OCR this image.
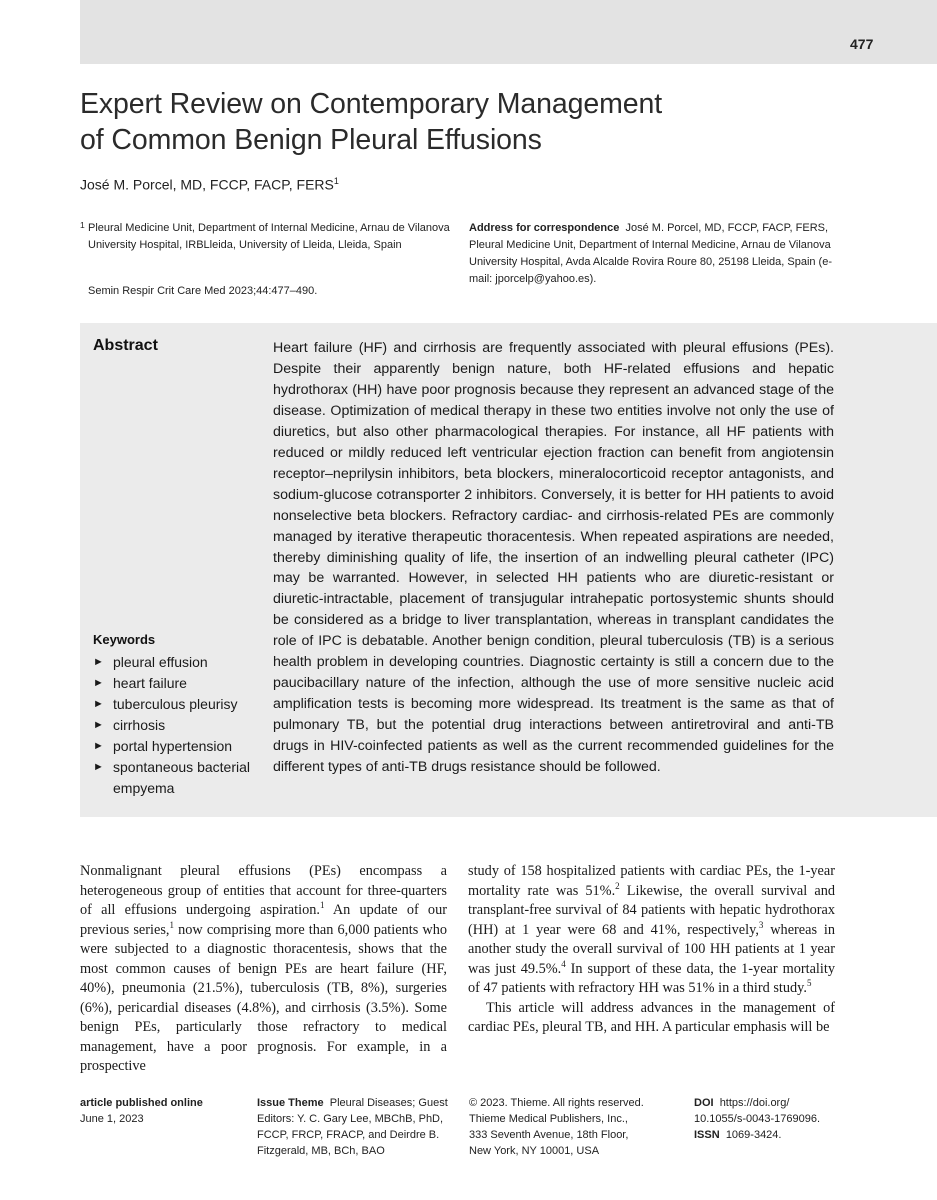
477
Expert Review on Contemporary Management
of Common Benign Pleural Effusions
José M. Porcel, MD, FCCP, FACP, FERS$^1$
1 Pleural Medicine Unit, Department of Internal Medicine, Arnau de Vilanova University Hospital, IRBLleida, University of Lleida, Lleida, Spain
Semin Respir Crit Care Med 2023;44:477–490.
Address for correspondence José M. Porcel, MD, FCCP, FACP, FERS, Pleural Medicine Unit, Department of Internal Medicine, Arnau de Vilanova University Hospital, Avda Alcalde Rovira Roure 80, 25198 Lleida, Spain (e-mail: jporcelp@yahoo.es).
Abstract	Heart failure (HF) and cirrhosis are frequently associated with pleural effusions (PEs). Despite their apparently benign nature, both HF-related effusions and hepatic hydrothorax (HH) have poor prognosis because they represent an advanced stage of the disease. Optimization of medical therapy in these two entities involve not only the use of diuretics, but also other pharmacological therapies. For instance, all HF patients with reduced or mildly reduced left ventricular ejection fraction can benefit from angiotensin receptor–neprilysin inhibitors, beta blockers, mineralocorticoid receptor antagonists, and sodium-glucose cotransporter 2 inhibitors. Conversely, it is better for HH patients to avoid nonselective beta blockers. Refractory cardiac- and cirrhosis-related PEs are commonly managed by iterative therapeutic thoracentesis. When repeated aspirations are needed, thereby diminishing quality of life, the insertion of an indwelling pleural catheter (IPC) may be warranted. However, in selected HH patients who are diuretic-resistant or diuretic-intractable, placement of transjugular intrahepatic portosystemic shunts should be considered as a bridge to liver transplantation, whereas in transplant candidates the role of IPC is debatable. Another benign condition, pleural tuberculosis (TB) is a serious health problem in developing countries. Diagnostic certainty is still a concern due to the paucibacillary nature of the infection, although the use of more sensitive nucleic acid amplification tests is becoming more widespread. Its treatment is the same as that of pulmonary TB, but the potential drug interactions between antiretroviral and anti-TB drugs in HIV-coinfected patients as well as the current recommended guidelines for the different types of anti-TB drugs resistance should be followed.

Keywords
► pleural effusion
► heart failure
► tuberculous pleurisy
► cirrhosis
► portal hypertension
► spontaneous bacterial empyema

Nonmalignant pleural effusions (PEs) encompass a heterogeneous group of entities that account for three-quarters of all effusions undergoing aspiration.$^1$ An update of our previous series,$^1$ now comprising more than 6,000 patients who were subjected to a diagnostic thoracentesis, shows that the most common causes of benign PEs are heart failure (HF, 40%), pneumonia (21.5%), tuberculosis (TB, 8%), surgeries (6%), pericardial diseases (4.8%), and cirrhosis (3.5%). Some benign PEs, particularly those refractory to medical management, have a poor prognosis. For example, in a prospective

study of 158 hospitalized patients with cardiac PEs, the 1-year mortality rate was 51%.$^2$ Likewise, the overall survival and transplant-free survival of 84 patients with hepatic hydrothorax (HH) at 1 year were 68 and 41%, respectively,$^3$ whereas in another study the overall survival of 100 HH patients at 1 year was just 49.5%.$^4$ In support of these data, the 1-year mortality of 47 patients with refractory HH was 51% in a third study.$^5$
This article will address advances in the management of cardiac PEs, pleural TB, and HH. A particular emphasis will be

article published online
June 1, 2023
Issue Theme Pleural Diseases; Guest Editors: Y. C. Gary Lee, MBChB, PhD, FCCP, FRCP, FRACP, and Deirdre B. Fitzgerald, MB, BCh, BAO
© 2023. Thieme. All rights reserved.
Thieme Medical Publishers, Inc.,
333 Seventh Avenue, 18th Floor,
New York, NY 10001, USA
DOI https://doi.org/
10.1055/s-0043-1769096.
ISSN 1069-3424.
